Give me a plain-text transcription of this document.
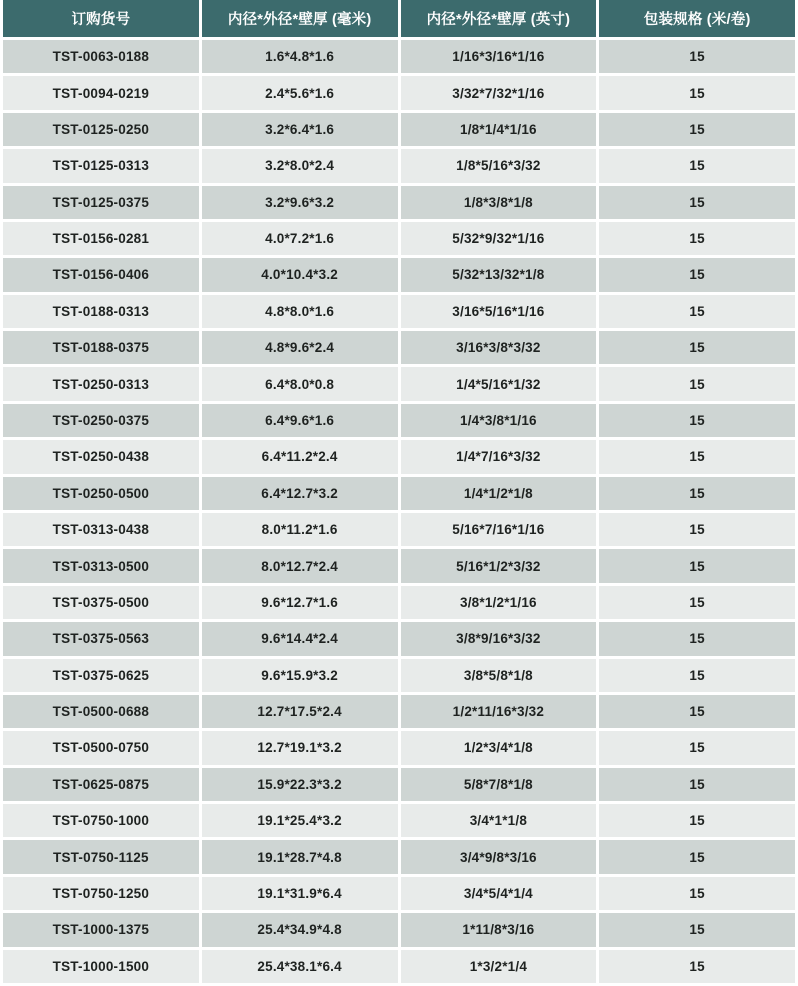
订购货号	内径*外径*壁厚 (毫米)	内径*外径*壁厚 (英寸)	包装规格 (米/卷)
TST-0063-0188	1.6*4.8*1.6	1/16*3/16*1/16	15
TST-0094-0219	2.4*5.6*1.6	3/32*7/32*1/16	15
TST-0125-0250	3.2*6.4*1.6	1/8*1/4*1/16	15
TST-0125-0313	3.2*8.0*2.4	1/8*5/16*3/32	15
TST-0125-0375	3.2*9.6*3.2	1/8*3/8*1/8	15
TST-0156-0281	4.0*7.2*1.6	5/32*9/32*1/16	15
TST-0156-0406	4.0*10.4*3.2	5/32*13/32*1/8	15
TST-0188-0313	4.8*8.0*1.6	3/16*5/16*1/16	15
TST-0188-0375	4.8*9.6*2.4	3/16*3/8*3/32	15
TST-0250-0313	6.4*8.0*0.8	1/4*5/16*1/32	15
TST-0250-0375	6.4*9.6*1.6	1/4*3/8*1/16	15
TST-0250-0438	6.4*11.2*2.4	1/4*7/16*3/32	15
TST-0250-0500	6.4*12.7*3.2	1/4*1/2*1/8	15
TST-0313-0438	8.0*11.2*1.6	5/16*7/16*1/16	15
TST-0313-0500	8.0*12.7*2.4	5/16*1/2*3/32	15
TST-0375-0500	9.6*12.7*1.6	3/8*1/2*1/16	15
TST-0375-0563	9.6*14.4*2.4	3/8*9/16*3/32	15
TST-0375-0625	9.6*15.9*3.2	3/8*5/8*1/8	15
TST-0500-0688	12.7*17.5*2.4	1/2*11/16*3/32	15
TST-0500-0750	12.7*19.1*3.2	1/2*3/4*1/8	15
TST-0625-0875	15.9*22.3*3.2	5/8*7/8*1/8	15
TST-0750-1000	19.1*25.4*3.2	3/4*1*1/8	15
TST-0750-1125	19.1*28.7*4.8	3/4*9/8*3/16	15
TST-0750-1250	19.1*31.9*6.4	3/4*5/4*1/4	15
TST-1000-1375	25.4*34.9*4.8	1*11/8*3/16	15
TST-1000-1500	25.4*38.1*6.4	1*3/2*1/4	15
